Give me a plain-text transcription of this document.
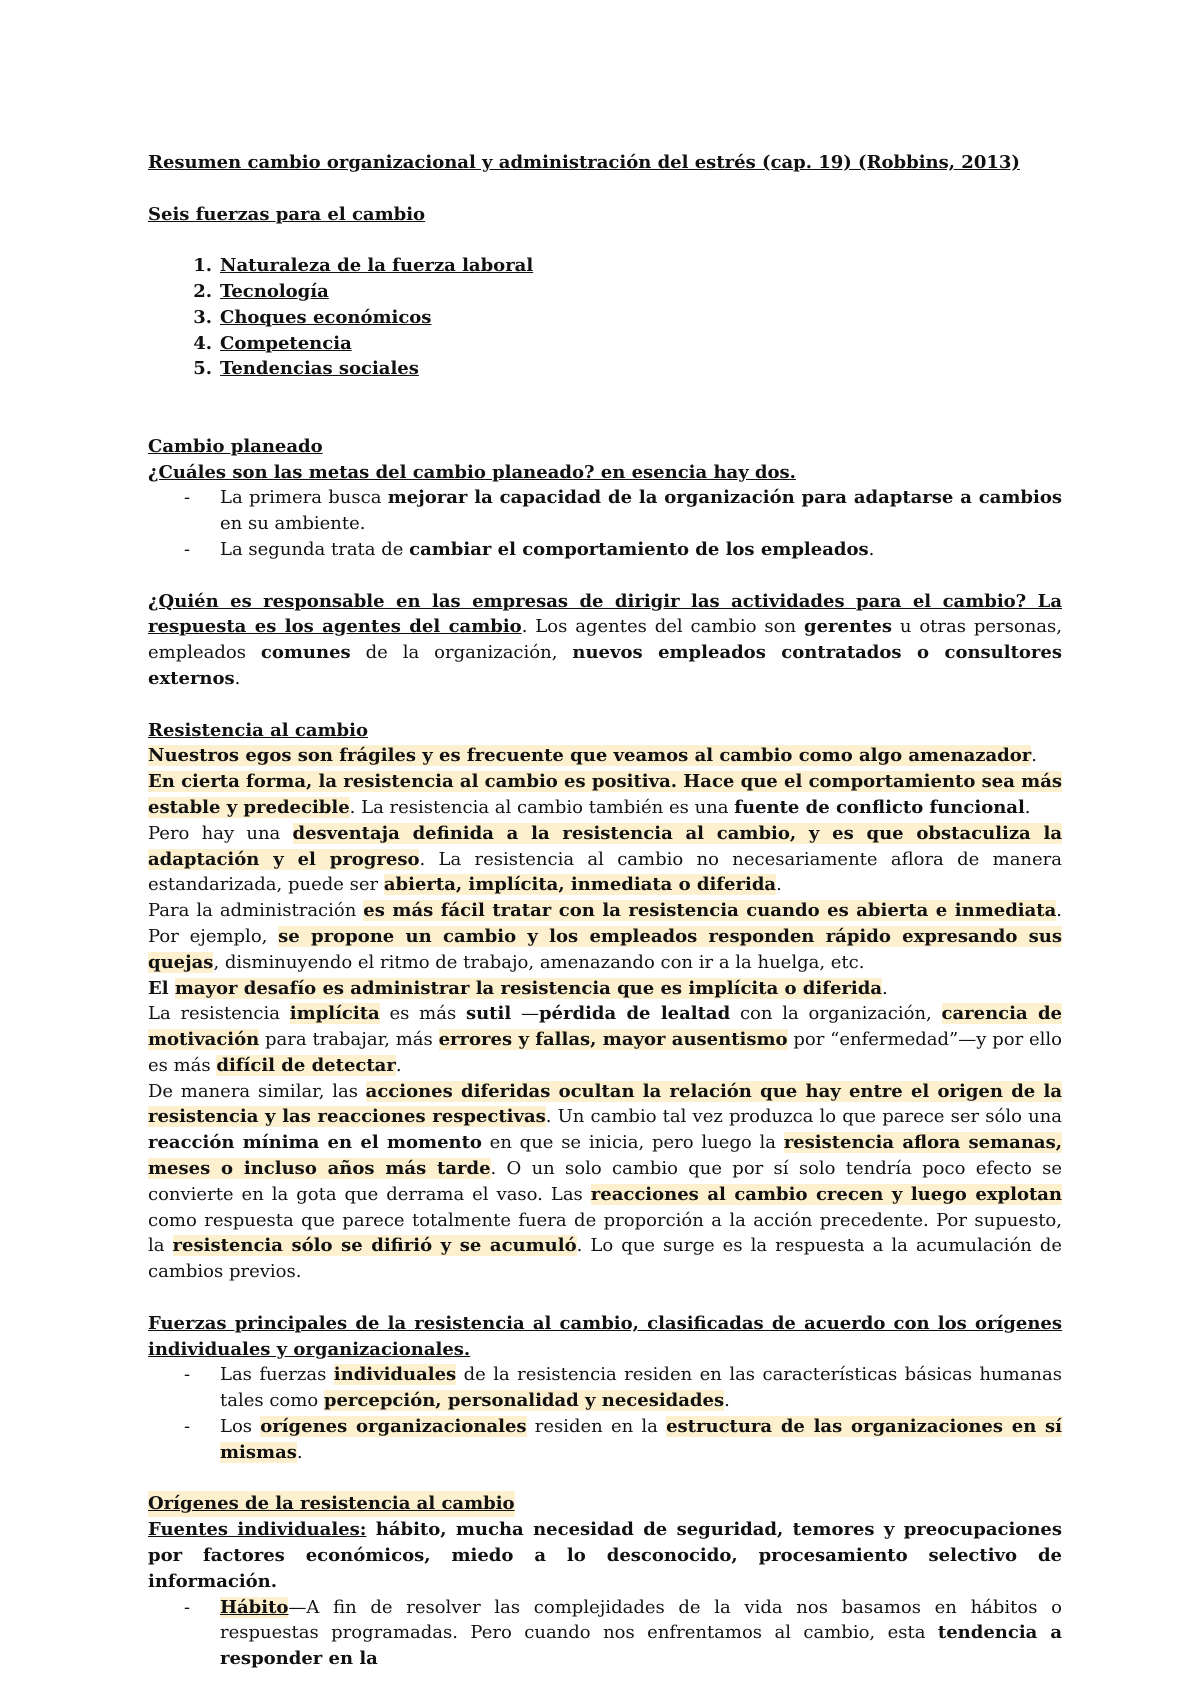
Resumen cambio organizacional y administración del estrés (cap. 19) (Robbins, 2013)

Seis fuerzas para el cambio

1. Naturaleza de la fuerza laboral
2. Tecnología
3. Choques económicos
4. Competencia
5. Tendencias sociales

Cambio planeado

¿Cuáles son las metas del cambio planeado? en esencia hay dos.

-	La primera busca mejorar la capacidad de la organización para adaptarse a cambios en su ambiente.
-	La segunda trata de cambiar el comportamiento de los empleados.

¿Quién es responsable en las empresas de dirigir las actividades para el cambio? La respuesta es los agentes del cambio. Los agentes del cambio son gerentes u otras personas, empleados comunes de la organización, nuevos empleados contratados o consultores externos.

Resistencia al cambio

Nuestros egos son frágiles y es frecuente que veamos al cambio como algo amenazador.

En cierta forma, la resistencia al cambio es positiva. Hace que el comportamiento sea más estable y predecible. La resistencia al cambio también es una fuente de conflicto funcional.

Pero hay una desventaja definida a la resistencia al cambio, y es que obstaculiza la adaptación y el progreso. La resistencia al cambio no necesariamente aflora de manera estandarizada, puede ser abierta, implícita, inmediata o diferida.

Para la administración es más fácil tratar con la resistencia cuando es abierta e inmediata. Por ejemplo, se propone un cambio y los empleados responden rápido expresando sus quejas, disminuyendo el ritmo de trabajo, amenazando con ir a la huelga, etc.

El mayor desafío es administrar la resistencia que es implícita o diferida.

La resistencia implícita es más sutil —pérdida de lealtad con la organización, carencia de motivación para trabajar, más errores y fallas, mayor ausentismo por “enfermedad”—y por ello es más difícil de detectar.

De manera similar, las acciones diferidas ocultan la relación que hay entre el origen de la resistencia y las reacciones respectivas. Un cambio tal vez produzca lo que parece ser sólo una reacción mínima en el momento en que se inicia, pero luego la resistencia aflora semanas, meses o incluso años más tarde. O un solo cambio que por sí solo tendría poco efecto se convierte en la gota que derrama el vaso. Las reacciones al cambio crecen y luego explotan como respuesta que parece totalmente fuera de proporción a la acción precedente. Por supuesto, la resistencia sólo se difirió y se acumuló. Lo que surge es la respuesta a la acumulación de cambios previos.

Fuerzas principales de la resistencia al cambio, clasificadas de acuerdo con los orígenes individuales y organizacionales.

-	Las fuerzas individuales de la resistencia residen en las características básicas humanas tales como percepción, personalidad y necesidades.
-	Los orígenes organizacionales residen en la estructura de las organizaciones en sí mismas.

Orígenes de la resistencia al cambio

Fuentes individuales: hábito, mucha necesidad de seguridad, temores y preocupaciones por factores económicos, miedo a lo desconocido, procesamiento selectivo de información.

-	Hábito—A fin de resolver las complejidades de la vida nos basamos en hábitos o respuestas programadas. Pero cuando nos enfrentamos al cambio, esta tendencia a responder en la
